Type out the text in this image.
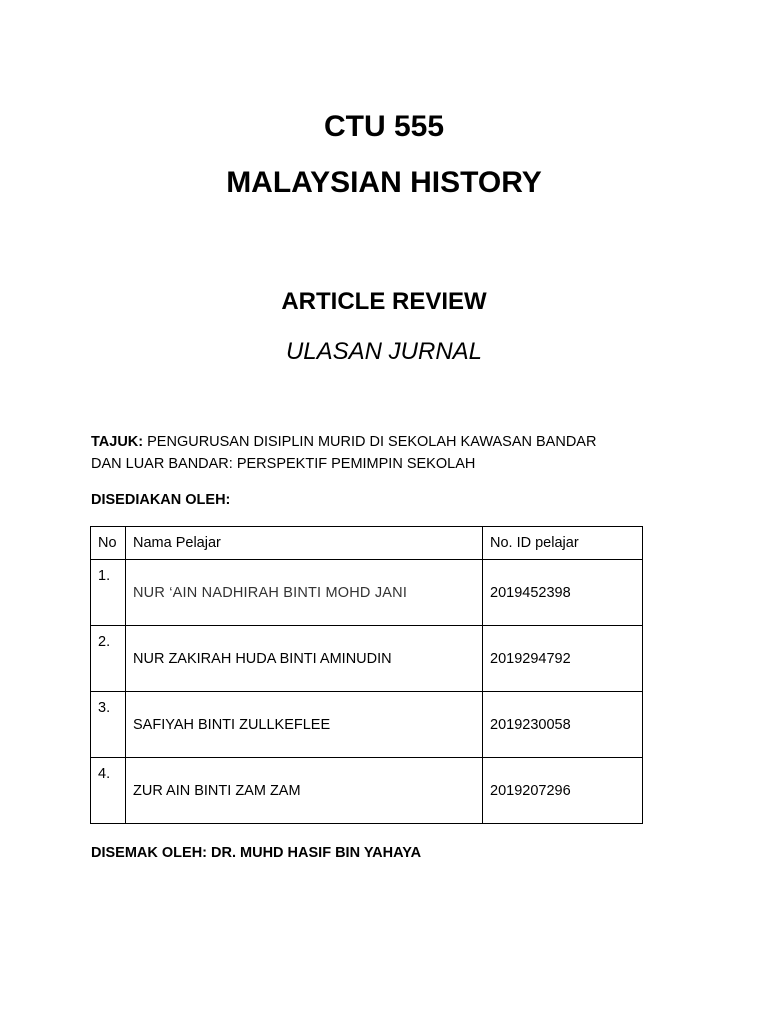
CTU 555
MALAYSIAN HISTORY
ARTICLE REVIEW
ULASAN JURNAL
TAJUK: PENGURUSAN DISIPLIN MURID DI SEKOLAH KAWASAN BANDAR
DAN LUAR BANDAR: PERSPEKTIF PEMIMPIN SEKOLAH
DISEDIAKAN OLEH:
No	Nama Pelajar	No. ID pelajar
1.	NUR ‘AIN NADHIRAH BINTI MOHD JANI	2019452398
2.	NUR ZAKIRAH HUDA BINTI AMINUDIN	2019294792
3.	SAFIYAH BINTI ZULLKEFLEE	2019230058
4.	ZUR AIN BINTI ZAM ZAM	2019207296
DISEMAK OLEH: DR. MUHD HASIF BIN YAHAYA
